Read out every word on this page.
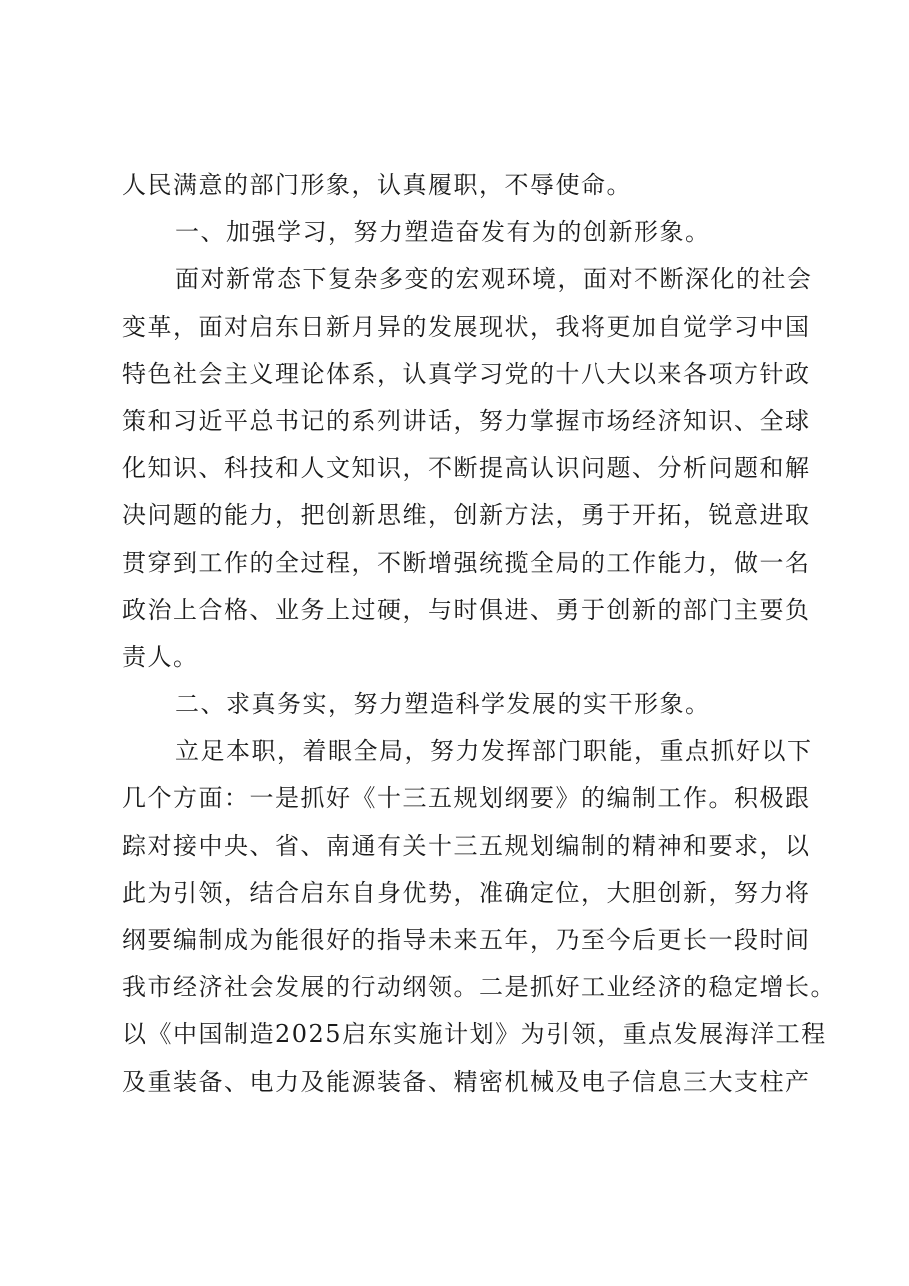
人民满意的部门形象，认真履职，不辱使命。
一、加强学习，努力塑造奋发有为的创新形象。
面对新常态下复杂多变的宏观环境，面对不断深化的社会
变革，面对启东日新月异的发展现状，我将更加自觉学习中国
特色社会主义理论体系，认真学习党的十八大以来各项方针政
策和习近平总书记的系列讲话，努力掌握市场经济知识、全球
化知识、科技和人文知识，不断提高认识问题、分析问题和解
决问题的能力，把创新思维，创新方法，勇于开拓，锐意进取
贯穿到工作的全过程，不断增强统揽全局的工作能力，做一名
政治上合格、业务上过硬，与时俱进、勇于创新的部门主要负
责人。
二、求真务实，努力塑造科学发展的实干形象。
立足本职，着眼全局，努力发挥部门职能，重点抓好以下
几个方面：一是抓好《十三五规划纲要》的编制工作。积极跟
踪对接中央、省、南通有关十三五规划编制的精神和要求，以
此为引领，结合启东自身优势，准确定位，大胆创新，努力将
纲要编制成为能很好的指导未来五年，乃至今后更长一段时间
我市经济社会发展的行动纲领。二是抓好工业经济的稳定增长。
以《中国制造2025启东实施计划》为引领，重点发展海洋工程
及重装备、电力及能源装备、精密机械及电子信息三大支柱产
